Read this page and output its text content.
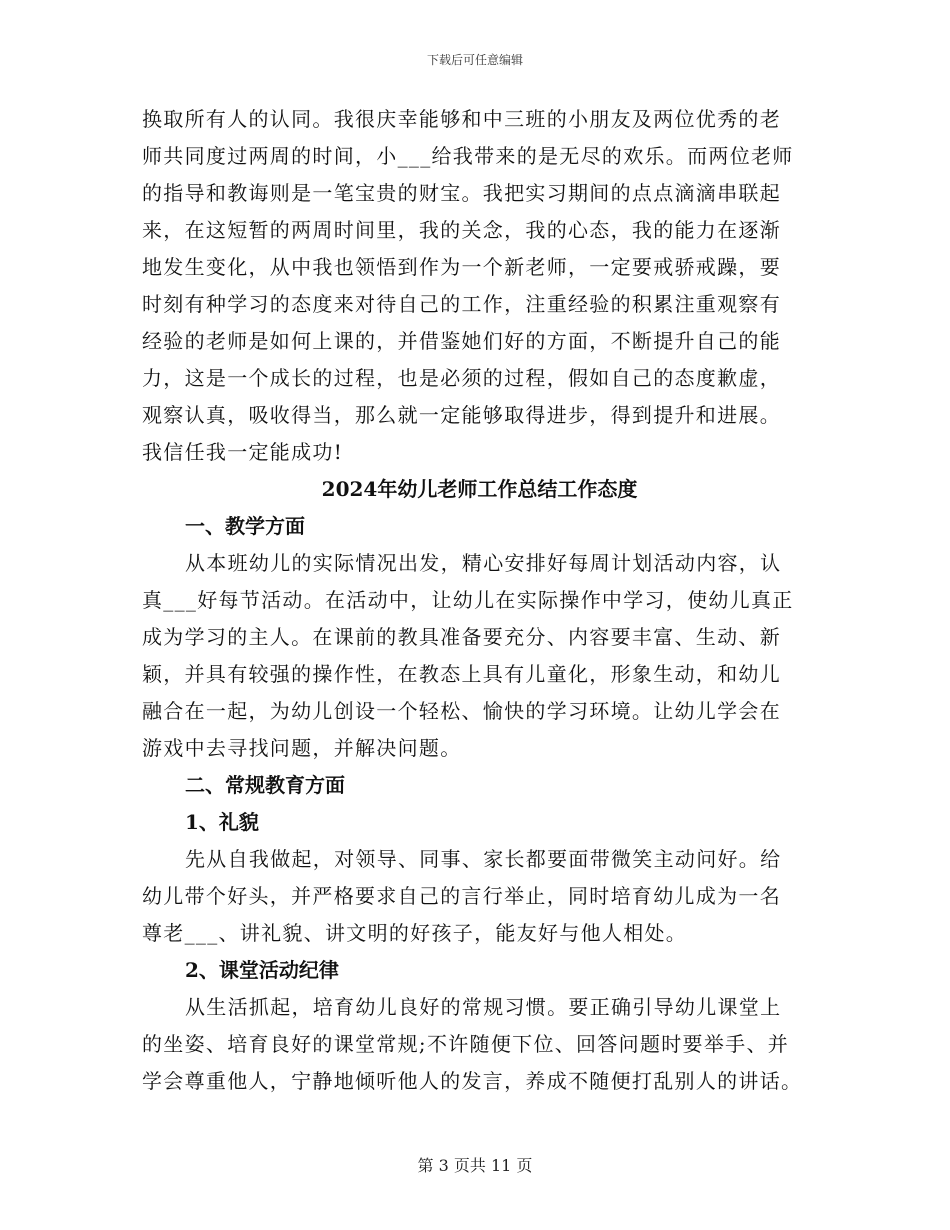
下载后可任意编辑
换取所有人的认同。我很庆幸能够和中三班的小朋友及两位优秀的老
师共同度过两周的时间，小___给我带来的是无尽的欢乐。而两位老师
的指导和教诲则是一笔宝贵的财宝。我把实习期间的点点滴滴串联起
来，在这短暂的两周时间里，我的关念，我的心态，我的能力在逐渐
地发生变化，从中我也领悟到作为一个新老师，一定要戒骄戒躁，要
时刻有种学习的态度来对待自己的工作，注重经验的积累注重观察有
经验的老师是如何上课的，并借鉴她们好的方面，不断提升自己的能
力，这是一个成长的过程，也是必须的过程，假如自己的态度歉虚，
观察认真，吸收得当，那么就一定能够取得进步，得到提升和进展。
我信任我一定能成功!
2024年幼儿老师工作总结工作态度
一、教学方面
从本班幼儿的实际情况出发，精心安排好每周计划活动内容，认
真___好每节活动。在活动中，让幼儿在实际操作中学习，使幼儿真正
成为学习的主人。在课前的教具准备要充分、内容要丰富、生动、新
颖，并具有较强的操作性，在教态上具有儿童化，形象生动，和幼儿
融合在一起，为幼儿创设一个轻松、愉快的学习环境。让幼儿学会在
游戏中去寻找问题，并解决问题。
二、常规教育方面
1、礼貌
先从自我做起，对领导、同事、家长都要面带微笑主动问好。给
幼儿带个好头，并严格要求自己的言行举止，同时培育幼儿成为一名
尊老___、讲礼貌、讲文明的好孩子，能友好与他人相处。
2、课堂活动纪律
从生活抓起，培育幼儿良好的常规习惯。要正确引导幼儿课堂上
的坐姿、培育良好的课堂常规;不许随便下位、回答问题时要举手、并
学会尊重他人，宁静地倾听他人的发言，养成不随便打乱别人的讲话。
第 3 页共 11 页
